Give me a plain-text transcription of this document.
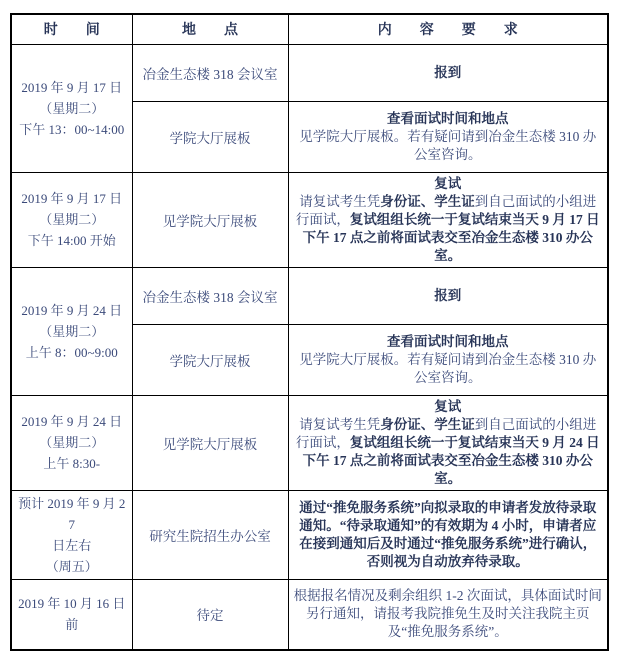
时　　间	地　　点	内　　容　　要　　求

2019 年 9 月 17 日
（星期二）
下午 13：00~14:00	冶金生态楼 318 会议室	报到

	学院大厅展板	查看面试时间和地点
见学院大厅展板。若有疑问请到冶金生态楼 310 办公室咨询。

2019 年 9 月 17 日
（星期二）
下午 14:00 开始
	见学院大厅展板	
复试
请复试考生凭身份证、学生证到自己面试的小组进行面试，复试组组长统一于复试结束当天 9 月 17 日下午 17 点之前将面试表交至冶金生态楼 310 办公室。

2019 年 9 月 24 日
（星期二）
上午 8：00~9:00	冶金生态楼 318 会议室	报到

	学院大厅展板	查看面试时间和地点
见学院大厅展板。若有疑问请到冶金生态楼 310 办公室咨询。

2019 年 9 月 24 日
（星期二）
上午 8:30-
	见学院大厅展板	
复试
请复试考生凭身份证、学生证到自己面试的小组进行面试，复试组组长统一于复试结束当天 9 月 24 日下午 17 点之前将面试表交至冶金生态楼 310 办公室。

预计 2019 年 9 月 27
日左右
（周五）	研究生院招生办公室	通过“推免服务系统”向拟录取的申请者发放待录取通知。“待录取通知”的有效期为 4 小时，申请者应在接到通知后及时通过“推免服务系统”进行确认，否则视为自动放弃待录取。

2019 年 10 月 16 日前	待定	根据报名情况及剩余组织 1-2 次面试，具体面试时间另行通知，请报考我院推免生及时关注我院主页及“推免服务系统”。
